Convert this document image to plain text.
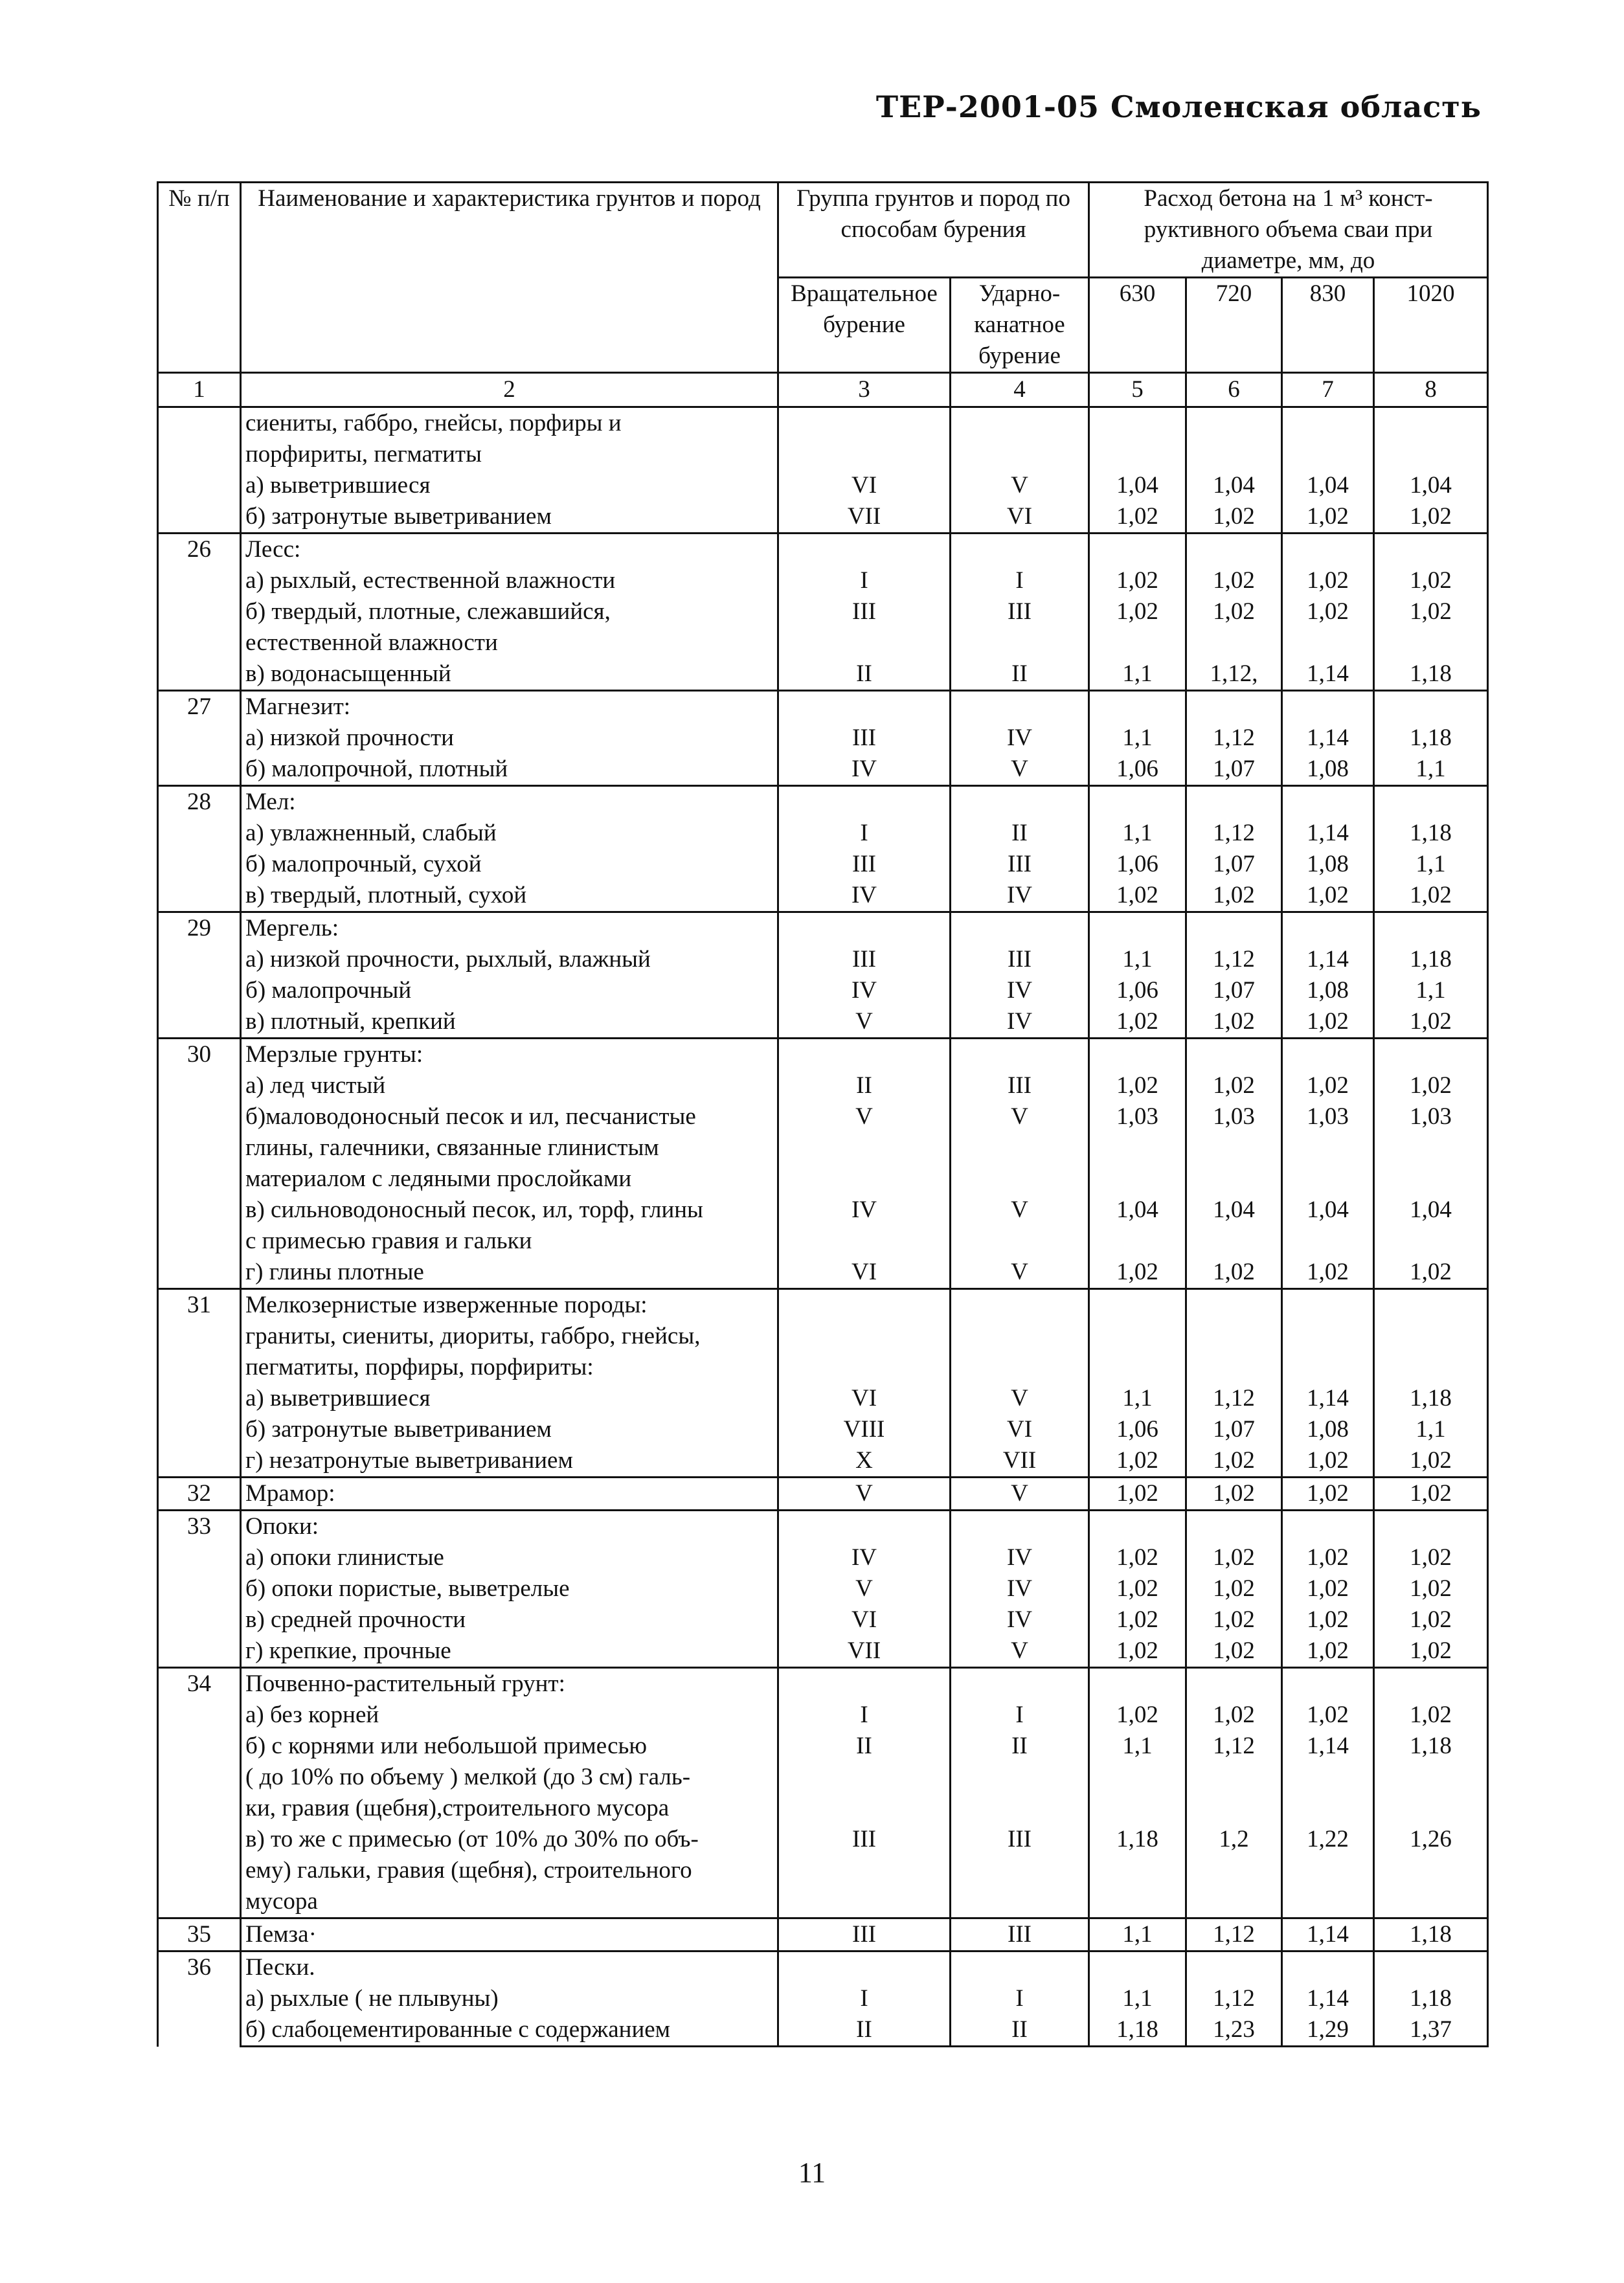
ТЕР-2001-05 Смоленская область
№ п/п	Наименование и характеристика грунтов и пород	Группа грунтов и пород по способам бурения		Расход бетона на 1 м³ конст-руктивного объема сваи при диаметре, мм, до			
		Вращательное бурение	Ударно-канатное бурение	630	720	830	1020
1	2	3	4	5	6	7	8
	сиениты, габбро, гнейсы, порфиры и						
	порфириты, пегматиты						
	а) выветрившиеся	VI	V	1,04	1,04	1,04	1,04
	б) затронутые выветриванием	VII	VI	1,02	1,02	1,02	1,02
26	Лесс:						
	а) рыхлый, естественной влажности	I	I	1,02	1,02	1,02	1,02
	б) твердый, плотные, слежавшийся,	III	III	1,02	1,02	1,02	1,02
	естественной влажности						
	в) водонасыщенный	II	II	1,1	1,12,	1,14	1,18
27	Магнезит:						
	а) низкой прочности	III	IV	1,1	1,12	1,14	1,18
	б) малопрочной, плотный	IV	V	1,06	1,07	1,08	1,1
28	Мел:						
	а) увлажненный, слабый	I	II	1,1	1,12	1,14	1,18
	б) малопрочный, сухой	III	III	1,06	1,07	1,08	1,1
	в) твердый, плотный, сухой	IV	IV	1,02	1,02	1,02	1,02
29	Мергель:						
	а) низкой прочности, рыхлый, влажный	III	III	1,1	1,12	1,14	1,18
	б) малопрочный	IV	IV	1,06	1,07	1,08	1,1
	в) плотный, крепкий	V	IV	1,02	1,02	1,02	1,02
30	Мерзлые грунты:						
	а) лед чистый	II	III	1,02	1,02	1,02	1,02
	б)маловодоносный песок и ил, песчанистые	V	V	1,03	1,03	1,03	1,03
	глины, галечники, связанные глинистым						
	материалом с ледяными прослойками						
	в) сильноводоносный песок, ил, торф, глины	IV	V	1,04	1,04	1,04	1,04
	с примесью гравия и гальки						
	г) глины плотные	VI	V	1,02	1,02	1,02	1,02
31	Мелкозернистые изверженные породы:						
	граниты, сиениты, диориты, габбро, гнейсы,						
	пегматиты, порфиры, порфириты:						
	а) выветрившиеся	VI	V	1,1	1,12	1,14	1,18
	б) затронутые выветриванием	VIII	VI	1,06	1,07	1,08	1,1
	г) незатронутые выветриванием	X	VII	1,02	1,02	1,02	1,02
32	Мрамор:	V	V	1,02	1,02	1,02	1,02
33	Опоки:						
	а) опоки глинистые	IV	IV	1,02	1,02	1,02	1,02
	б) опоки пористые, выветрелые	V	IV	1,02	1,02	1,02	1,02
	в) средней прочности	VI	IV	1,02	1,02	1,02	1,02
	г) крепкие, прочные	VII	V	1,02	1,02	1,02	1,02
34	Почвенно-растительный грунт:						
	а) без корней	I	I	1,02	1,02	1,02	1,02
	б) с корнями или небольшой примесью	II	II	1,1	1,12	1,14	1,18
	( до 10% по объему ) мелкой (до 3 см) галь-						
	ки, гравия (щебня),строительного мусора						
	в) то же с примесью (от 10% до 30% по объ-	III	III	1,18	1,2	1,22	1,26
	ему) гальки, гравия (щебня), строительного						
	мусора						
35	Пемза·	III	III	1,1	1,12	1,14	1,18
36	Пески.						
	а) рыхлые ( не плывуны)	I	I	1,1	1,12	1,14	1,18
	б) слабоцементированные с содержанием	II	II	1,18	1,23	1,29	1,37
11
